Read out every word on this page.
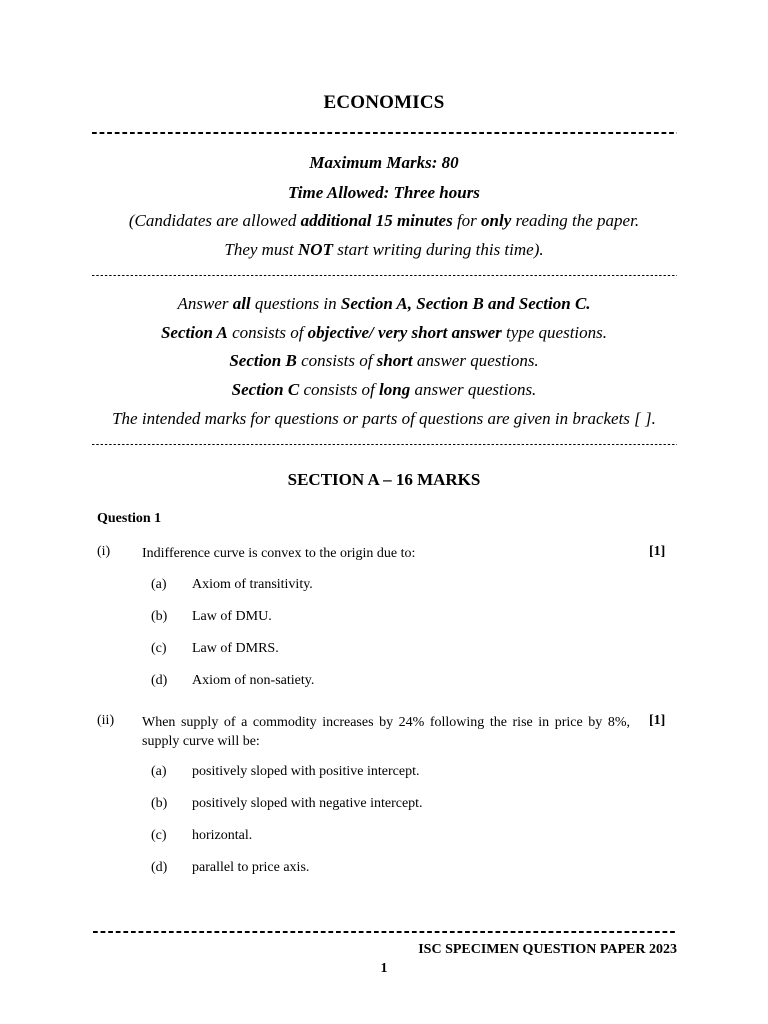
ECONOMICS
Maximum Marks: 80
Time Allowed: Three hours
(Candidates are allowed additional 15 minutes for only reading the paper.
They must NOT start writing during this time).
Answer all questions in Section A, Section B and Section C.
Section A consists of objective/ very short answer type questions.
Section B consists of short answer questions.
Section C consists of long answer questions.
The intended marks for questions or parts of questions are given in brackets [ ].
SECTION A – 16 MARKS
Question 1
(i) Indifference curve is convex to the origin due to:	[1]
(a) Axiom of transitivity.
(b) Law of DMU.
(c) Law of DMRS.
(d) Axiom of non-satiety.
(ii) When supply of a commodity increases by 24% following the rise in price by 8%, supply curve will be:
[1]
(a) positively sloped with positive intercept.
(b) positively sloped with negative intercept.
(c) horizontal.
(d) parallel to price axis.
ISC SPECIMEN QUESTION PAPER 2023
1
